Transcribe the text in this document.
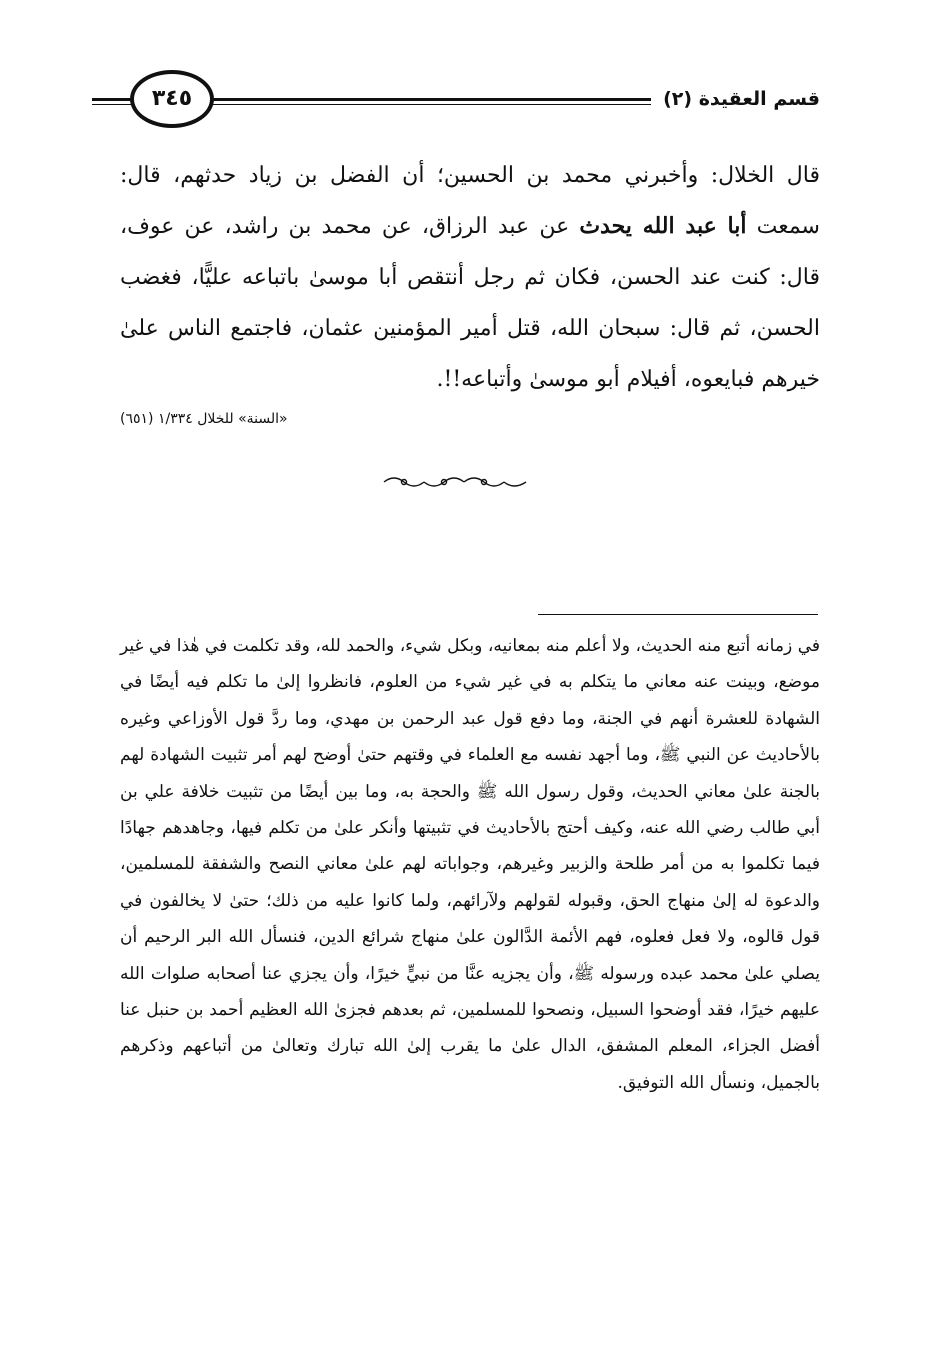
قسم العقيدة (٢)
٣٤٥

قال الخلال: وأخبرني محمد بن الحسين؛ أن الفضل بن زياد حدثهم، قال: سمعت أبا عبد الله يحدث عن عبد الرزاق، عن محمد بن راشد، عن عوف، قال: كنت عند الحسن، فكان ثم رجل أنتقص أبا موسىٰ باتباعه عليًّا، فغضب الحسن، ثم قال: سبحان الله، قتل أمير المؤمنين عثمان، فاجتمع الناس علىٰ خيرهم فبايعوه، أفيلام أبو موسىٰ وأتباعه!!.

«السنة» للخلال ١/٣٣٤ (٦٥١)

في زمانه أتبع منه الحديث، ولا أعلم منه بمعانيه، وبكل شيء، والحمد لله، وقد تكلمت في هٰذا في غير موضع، وبينت عنه معاني ما يتكلم به في غير شيء من العلوم، فانظروا إلىٰ ما تكلم فيه أيضًا في الشهادة للعشرة أنهم في الجنة، وما دفع قول عبد الرحمن بن مهدي، وما ردَّ قول الأوزاعي وغيره بالأحاديث عن النبي ﷺ، وما أجهد نفسه مع العلماء في وقتهم حتىٰ أوضح لهم أمر تثبيت الشهادة لهم بالجنة علىٰ معاني الحديث، وقول رسول الله ﷺ والحجة به، وما بين أيضًا من تثبيت خلافة علي بن أبي طالب رضي الله عنه، وكيف أحتج بالأحاديث في تثبيتها وأنكر علىٰ من تكلم فيها، وجاهدهم جهادًا فيما تكلموا به من أمر طلحة والزبير وغيرهم، وجواباته لهم علىٰ معاني النصح والشفقة للمسلمين، والدعوة له إلىٰ منهاج الحق، وقبوله لقولهم ولآرائهم، ولما كانوا عليه من ذلك؛ حتىٰ لا يخالفون في قول قالوه، ولا فعل فعلوه، فهم الأئمة الدَّالون علىٰ منهاج شرائع الدين، فنسأل الله البر الرحيم أن يصلي علىٰ محمد عبده ورسوله ﷺ، وأن يجزيه عنَّا من نبيٍّ خيرًا، وأن يجزي عنا أصحابه صلوات الله عليهم خيرًا، فقد أوضحوا السبيل، ونصحوا للمسلمين، ثم بعدهم فجزىٰ الله العظيم أحمد بن حنبل عنا أفضل الجزاء، المعلم المشفق، الدال علىٰ ما يقرب إلىٰ الله تبارك وتعالىٰ من أتباعهم وذكرهم بالجميل، ونسأل الله التوفيق.
